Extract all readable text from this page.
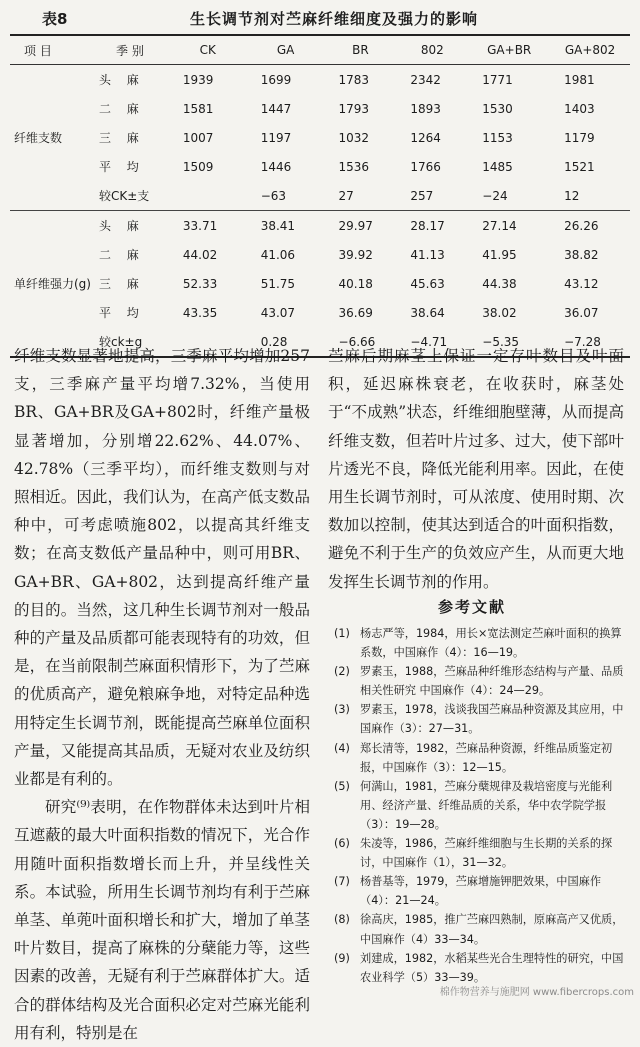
表8	生长调节剂对苎麻纤维细度及强力的影响
项 目	季 别	CK	GA	BR	802	GA+BR	GA+802
纤维支数	头 麻	1939	1699	1783	2342	1771	1981
	二 麻	1581	1447	1793	1893	1530	1403
	三 麻	1007	1197	1032	1264	1153	1179
	平 均	1509	1446	1536	1766	1485	1521
	较CK±支		−63	27	257	−24	12
单纤维强力(g)	头 麻	33.71	38.41	29.97	28.17	27.14	26.26
	二 麻	44.02	41.06	39.92	41.13	41.95	38.82
	三 麻	52.33	51.75	40.18	45.63	44.38	43.12
	平 均	43.35	43.07	36.69	38.64	38.02	36.07
	较ck±g		0.28	−6.66	−4.71	−5.35	−7.28

纤维支数显著地提高，三季麻平均增加257支，三季麻产量平均增7.32%，当使用BR、GA+BR及GA+802时，纤维产量极显著增加，分别增22.62%、44.07%、42.78%（三季平均），而纤维支数则与对照相近。因此，我们认为，在高产低支数品种中，可考虑喷施802，以提高其纤维支数；在高支数低产量品种中，则可用BR、GA+BR、GA+802，达到提高纤维产量的目的。当然，这几种生长调节剂对一般品种的产量及品质都可能表现特有的功效，但是，在当前限制苎麻面积情形下，为了苎麻的优质高产，避免粮麻争地，对特定品种选用特定生长调节剂，既能提高苎麻单位面积产量，又能提高其品质，无疑对农业及纺织业都是有利的。

研究⁽⁹⁾表明，在作物群体未达到叶片相互遮蔽的最大叶面积指数的情况下，光合作用随叶面积指数增长而上升，并呈线性关系。本试验，所用生长调节剂均有利于苎麻单茎、单蔸叶面积增长和扩大，增加了单茎叶片数目，提高了麻株的分蘖能力等，这些因素的改善，无疑有利于苎麻群体扩大。适合的群体结构及光合面积必定对苎麻光能利用有利，特别是在

苎麻后期麻茎上保证一定存叶数目及叶面积，延迟麻株衰老，在收获时，麻茎处于“不成熟”状态，纤维细胞壁薄，从而提高纤维支数，但若叶片过多、过大，使下部叶片透光不良，降低光能利用率。因此，在使用生长调节剂时，可从浓度、使用时期、次数加以控制，使其达到适合的叶面积指数，避免不利于生产的负效应产生，从而更大地发挥生长调节剂的作用。

参考文献
(1) 杨志严等，1984，用长×宽法测定苎麻叶面积的换算系数，中国麻作（4）：16—19。
(2) 罗素玉，1988，苎麻品种纤维形态结构与产量、品质相关性研究 中国麻作（4）：24—29。
(3) 罗素玉，1978，浅谈我国苎麻品种资源及其应用，中国麻作（3）：27—31。
(4) 郑长清等，1982，苎麻品种资源，纤维品质鉴定初报，中国麻作（3）：12—15。
(5) 何满山，1981，苎麻分蘖规律及栽培密度与光能利用、经济产量、纤维品质的关系，华中农学院学报（3）：19—28。
(6) 朱凌等，1986，苎麻纤维细胞与生长期的关系的探讨，中国麻作（1），31—32。
(7) 杨普基等，1979，苎麻增施钾肥效果，中国麻作（4）：21—24。
(8) 徐高庆，1985，推广苎麻四熟制，原麻高产又优质，中国麻作（4）33—34。
(9) 刘建成，1982，水稻某些光合生理特性的研究，中国农业科学（5）33—39。
棉作物营养与施肥网 www.fibercrops.com
